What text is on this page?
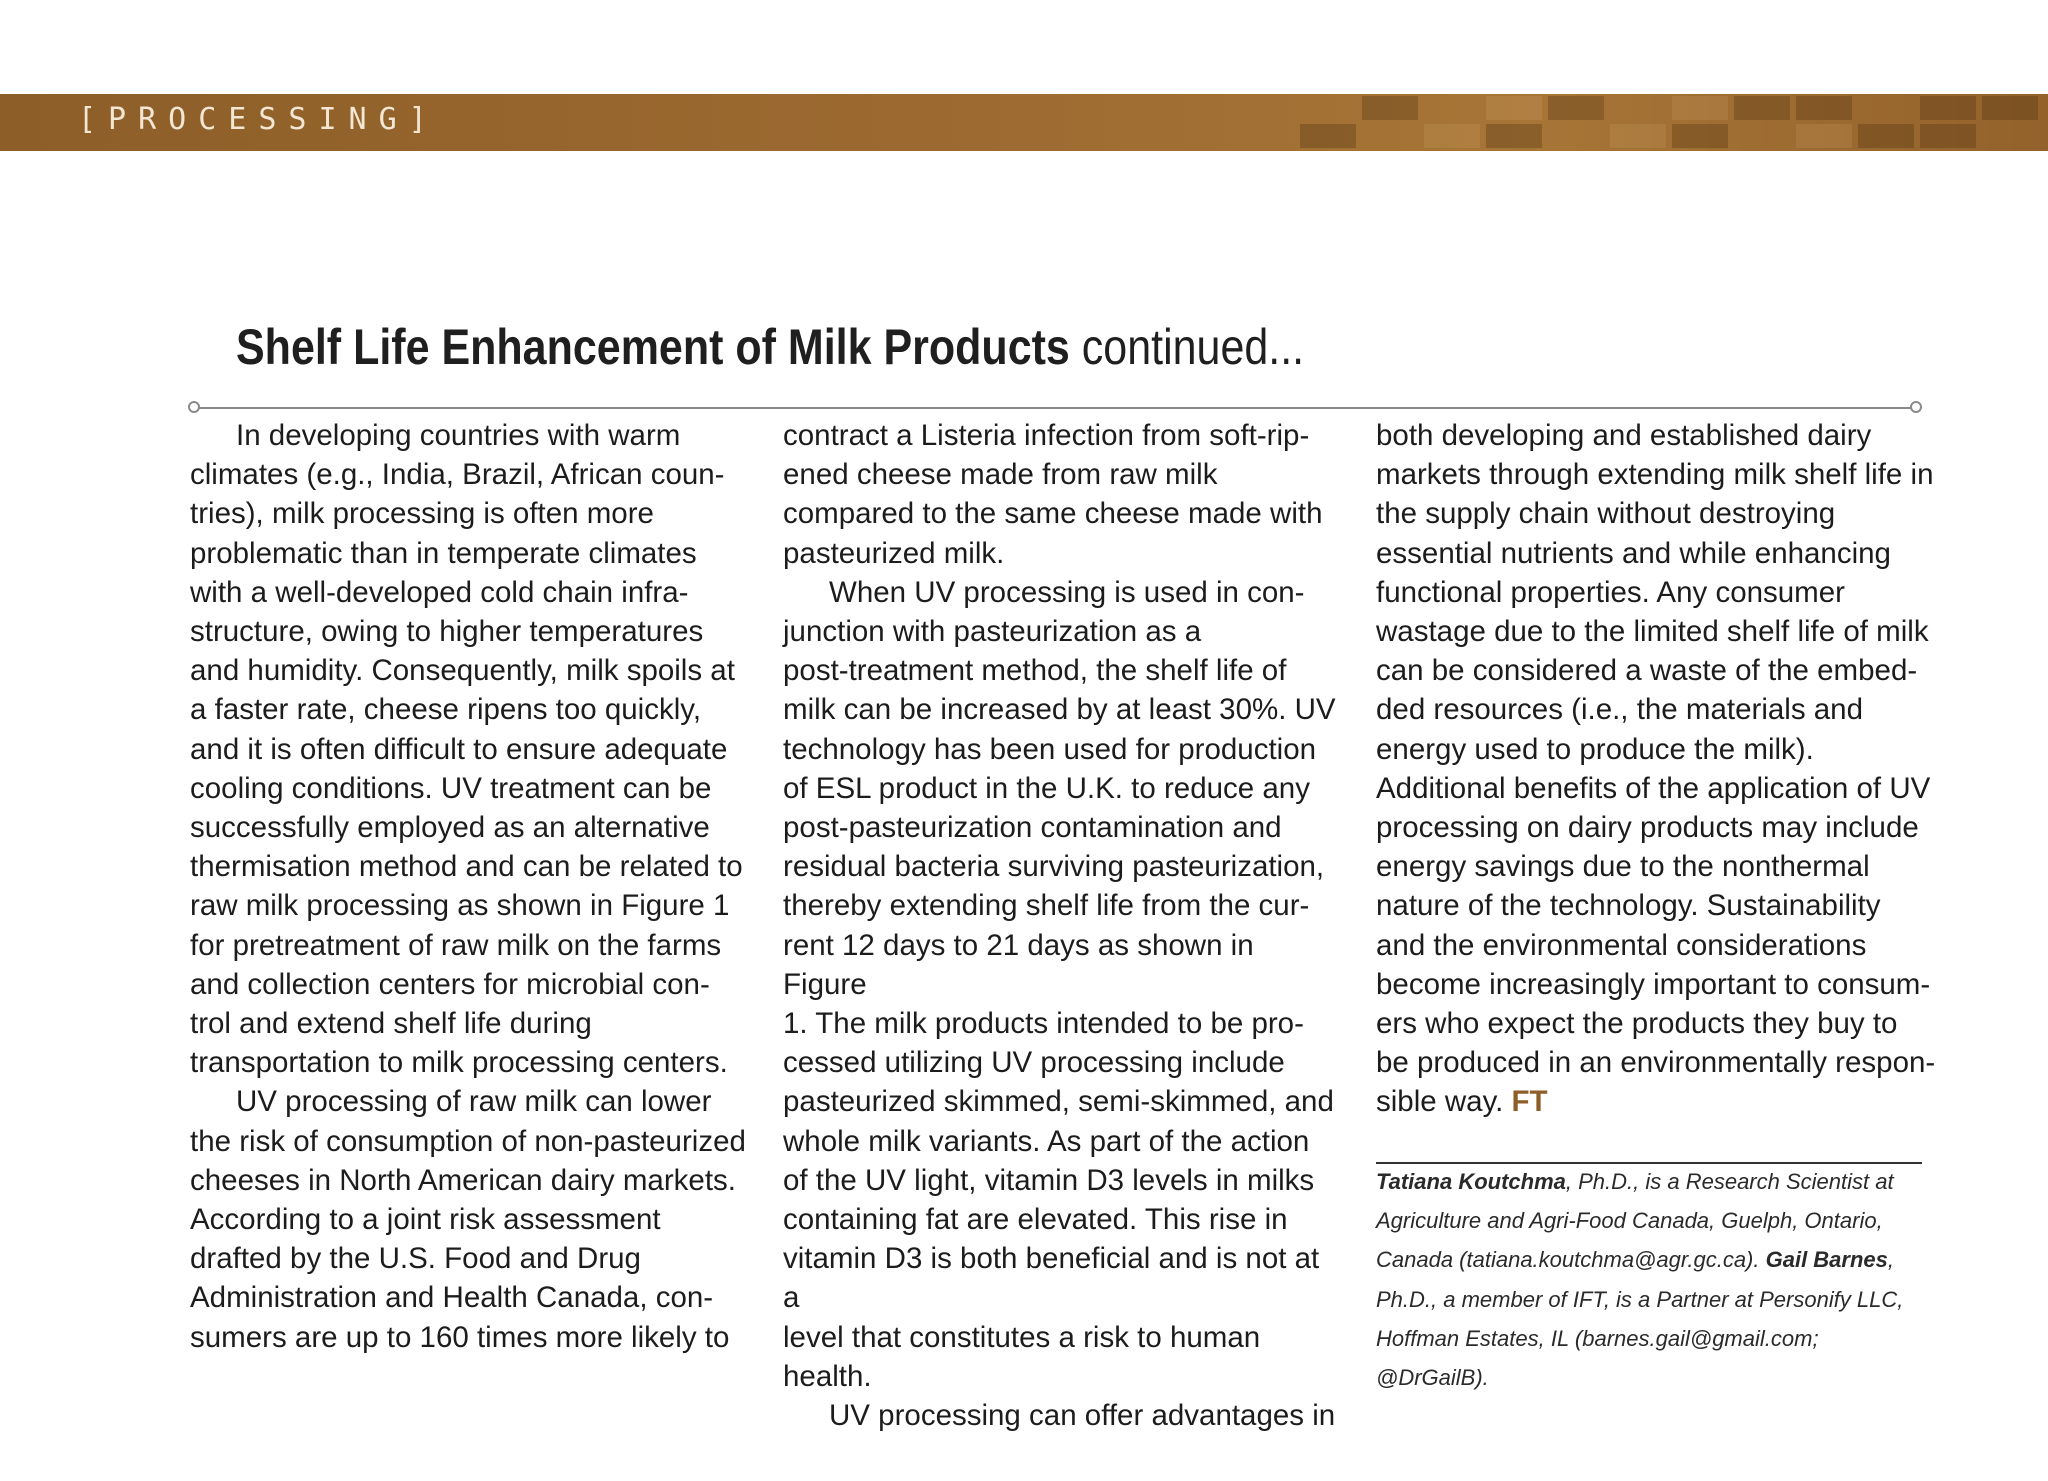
[PROCESSING]
Shelf Life Enhancement of Milk Products continued...

In developing countries with warm
climates (e.g., India, Brazil, African coun-
tries), milk processing is often more
problematic than in temperate climates
with a well-developed cold chain infra-
structure, owing to higher temperatures
and humidity. Consequently, milk spoils at
a faster rate, cheese ripens too quickly,
and it is often difficult to ensure adequate
cooling conditions. UV treatment can be
successfully employed as an alternative
thermisation method and can be related to
raw milk processing as shown in Figure 1
for pretreatment of raw milk on the farms
and collection centers for microbial con-
trol and extend shelf life during
transportation to milk processing centers.

UV processing of raw milk can lower
the risk of consumption of non-pasteurized
cheeses in North American dairy markets.
According to a joint risk assessment
drafted by the U.S. Food and Drug
Administration and Health Canada, con-
sumers are up to 160 times more likely to

contract a Listeria infection from soft-rip-
ened cheese made from raw milk
compared to the same cheese made with
pasteurized milk.

When UV processing is used in con-
junction with pasteurization as a
post-treatment method, the shelf life of
milk can be increased by at least 30%. UV
technology has been used for production
of ESL product in the U.K. to reduce any
post-pasteurization contamination and
residual bacteria surviving pasteurization,
thereby extending shelf life from the cur-
rent 12 days to 21 days as shown in Figure
1. The milk products intended to be pro-
cessed utilizing UV processing include
pasteurized skimmed, semi-skimmed, and
whole milk variants. As part of the action
of the UV light, vitamin D3 levels in milks
containing fat are elevated. This rise in
vitamin D3 is both beneficial and is not at a
level that constitutes a risk to human
health.

UV processing can offer advantages in

both developing and established dairy
markets through extending milk shelf life in
the supply chain without destroying
essential nutrients and while enhancing
functional properties. Any consumer
wastage due to the limited shelf life of milk
can be considered a waste of the embed-
ded resources (i.e., the materials and
energy used to produce the milk).
Additional benefits of the application of UV
processing on dairy products may include
energy savings due to the nonthermal
nature of the technology. Sustainability
and the environmental considerations
become increasingly important to consum-
ers who expect the products they buy to
be produced in an environmentally respon-
sible way. FT

Tatiana Koutchma, Ph.D., is a Research Scientist at
Agriculture and Agri-Food Canada, Guelph, Ontario,
Canada (tatiana.koutchma@agr.gc.ca). Gail Barnes,
Ph.D., a member of IFT, is a Partner at Personify LLC,
Hoffman Estates, IL (barnes.gail@gmail.com; @DrGailB).
